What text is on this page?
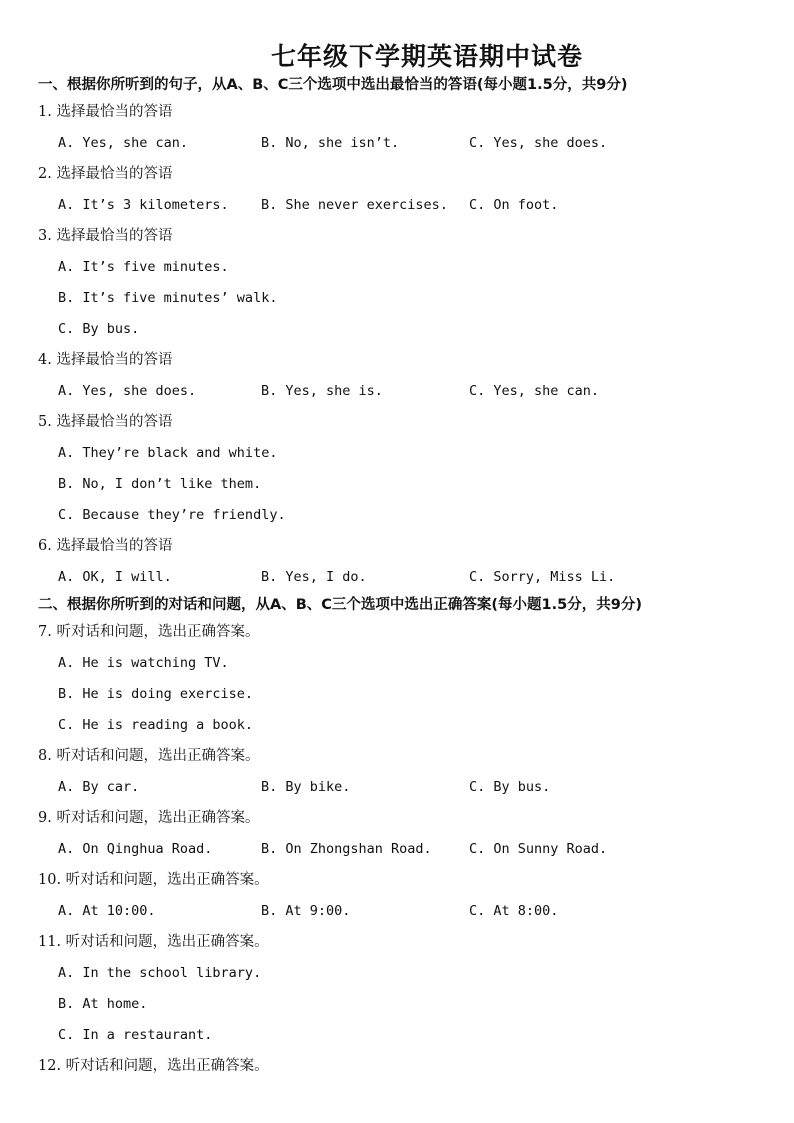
七年级下学期英语期中试卷
一、根据你所听到的句子，从A、B、C三个选项中选出最恰当的答语(每小题1.5分，共9分)
1. 选择最恰当的答语
A. Yes, she can.	B. No, she isn’t.	C. Yes, she does.
2. 选择最恰当的答语
A. It’s 3 kilometers. B. She never exercises. C. On foot.
3. 选择最恰当的答语
A. It’s five minutes.
B. It’s five minutes’ walk.
C. By bus.
4. 选择最恰当的答语
A. Yes, she does.	B. Yes, she is.	C. Yes, she can.
5. 选择最恰当的答语
A. They’re black and white.
B. No, I don’t like them.
C. Because they’re friendly.
6. 选择最恰当的答语
A. OK, I will.	B. Yes, I do.	C. Sorry, Miss Li.
二、根据你所听到的对话和问题，从A、B、C三个选项中选出正确答案(每小题1.5分，共9分)
7. 听对话和问题，选出正确答案。
A. He is watching TV.
B. He is doing exercise.
C. He is reading a book.
8. 听对话和问题，选出正确答案。
A. By car.	B. By bike.	C. By bus.
9. 听对话和问题，选出正确答案。
A. On Qinghua Road.	B. On Zhongshan Road.	C. On Sunny Road.
10. 听对话和问题，选出正确答案。
A. At 10:00.	B. At 9:00.	C. At 8:00.
11. 听对话和问题，选出正确答案。
A. In the school library.
B. At home.
C. In a restaurant.
12. 听对话和问题，选出正确答案。
